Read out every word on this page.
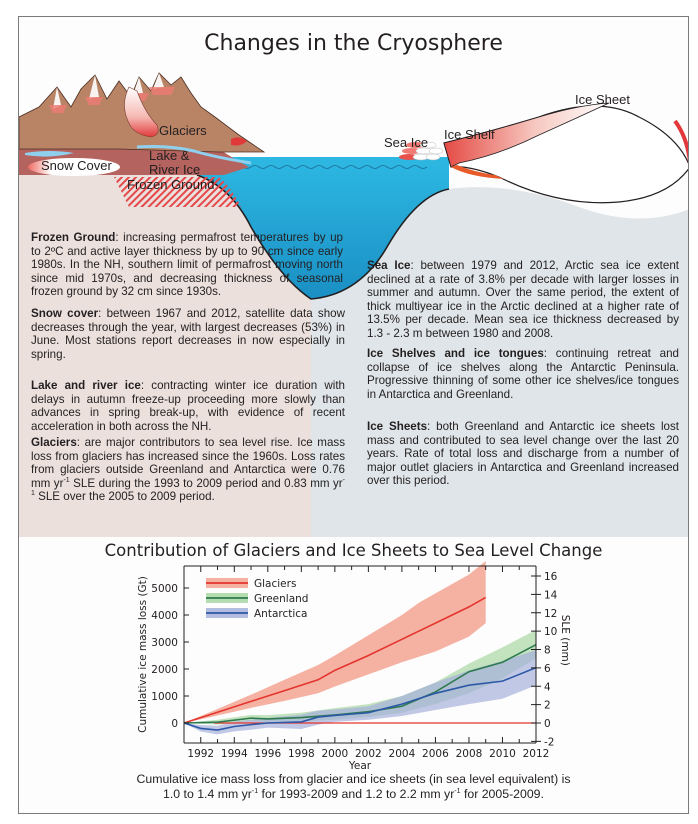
Glaciers
Snow Cover
Lake &
River Ice
Frozen Ground
Sea Ice
Ice Shelf
Ice Sheet
Changes in the Cryosphere

Frozen Ground: increasing permafrost temperatures by up to 2ºC and active layer thickness by up to 90 cm since early 1980s. In the NH, southern limit of permafrost moving north since mid 1970s, and decreasing thickness of seasonal frozen ground by 32 cm since 1930s.

Snow cover: between 1967 and 2012, satellite data show decreases through the year, with largest decreases (53%) in June. Most stations report decreases in now especially in spring.

Lake and river ice: contracting winter ice duration with delays in autumn freeze-up proceeding more slowly than advances in spring break-up, with evidence of recent acceleration in both across the NH.

Glaciers: are major contributors to sea level rise. Ice mass loss from glaciers has increased since the 1960s. Loss rates from glaciers outside Greenland and Antarctica were 0.76 mm $yr^{-1}$ SLE during the 1993 to 2009 period and 0.83 mm $yr^{-1}$ SLE over the 2005 to 2009 period.

Sea Ice: between 1979 and 2012, Arctic sea ice extent declined at a rate of 3.8% per decade with larger losses in summer and autumn. Over the same period, the extent of thick multiyear ice in the Arctic declined at a higher rate of 13.5% per decade. Mean sea ice thickness decreased by 1.3 - 2.3 m between 1980 and 2008.

Ice Shelves and ice tongues: continuing retreat and collapse of ice shelves along the Antarctic Peninsula. Progressive thinning of some other ice shelves/ice tongues in Antarctica and Greenland.

Ice Sheets: both Greenland and Antarctic ice sheets lost mass and contributed to sea level change over the last 20 years. Rate of total loss and discharge from a number of major outlet glaciers in Antarctica and Greenland increased over this period.

Contribution of Glaciers and Ice Sheets to Sea Level Change
1992 1994 1996 1998 2000 2002 2004 2006 2008 2010 2012
0
1000
2000
3000
4000
5000
-2
0
2
4
6
8
10
12
14
16
Year
Cumulative ice mass loss (Gt)	SLE (mm)
Glaciers
Greenland
Antarctica
Cumulative ice mass loss from glacier and ice sheets (in sea level equivalent) is
1.0 to 1.4 mm $yr^{-1}$ for 1993-2009 and 1.2 to 2.2 mm $yr^{-1}$ for 2005-2009.
